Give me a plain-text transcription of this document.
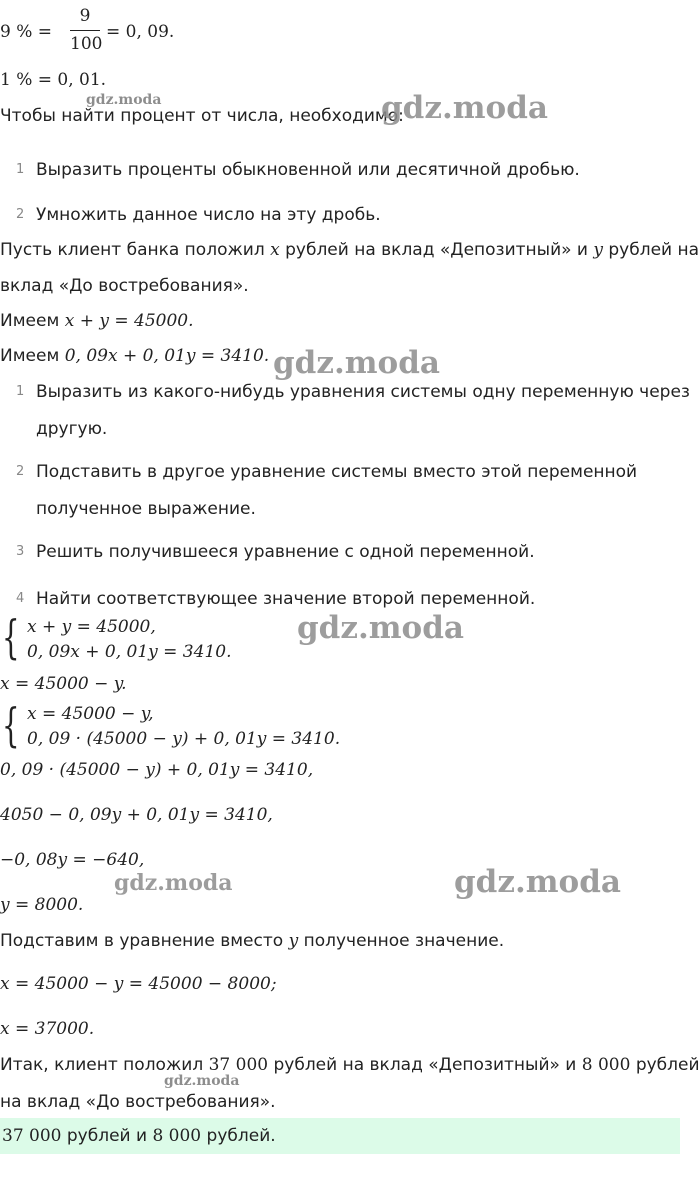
9 % =
9
100
= 0, 09.
1 % = 0, 01.
Чтобы найти процент от числа, необходимо:
1 Выразить проценты обыкновенной или десятичной дробью.
2 Умножить данное число на эту дробь.
Пусть клиент банка положил x рублей на вклад «Депозитный» и y рублей на
вклад «До востребования».
Имеем x + y = 45000.
Имеем 0, 09x + 0, 01y = 3410.
1 Выразить из какого-нибудь уравнения системы одну переменную через
другую.
2 Подставить в другое уравнение системы вместо этой переменной
полученное выражение.
3 Решить получившееся уравнение с одной переменной.
4 Найти соответствующее значение второй переменной.
{ x + y = 45000,
0, 09x + 0, 01y = 3410.
x = 45000 − y.
{ x = 45000 − y,
0, 09 · (45000 − y) + 0, 01y = 3410.
0, 09 · (45000 − y) + 0, 01y = 3410,
4050 − 0, 09y + 0, 01y = 3410,
−0, 08y = −640,
y = 8000.
Подставим в уравнение вместо y полученное значение.
x = 45000 − y = 45000 − 8000;
x = 37000.
Итак, клиент положил 37 000 рублей на вклад «Депозитный» и 8 000 рублей
на вклад «До востребования».
37 000 рублей и 8 000 рублей.
gdz.moda	gdz.moda
gdz.moda
gdz.moda
gdz.moda	gdz.moda
gdz.moda
